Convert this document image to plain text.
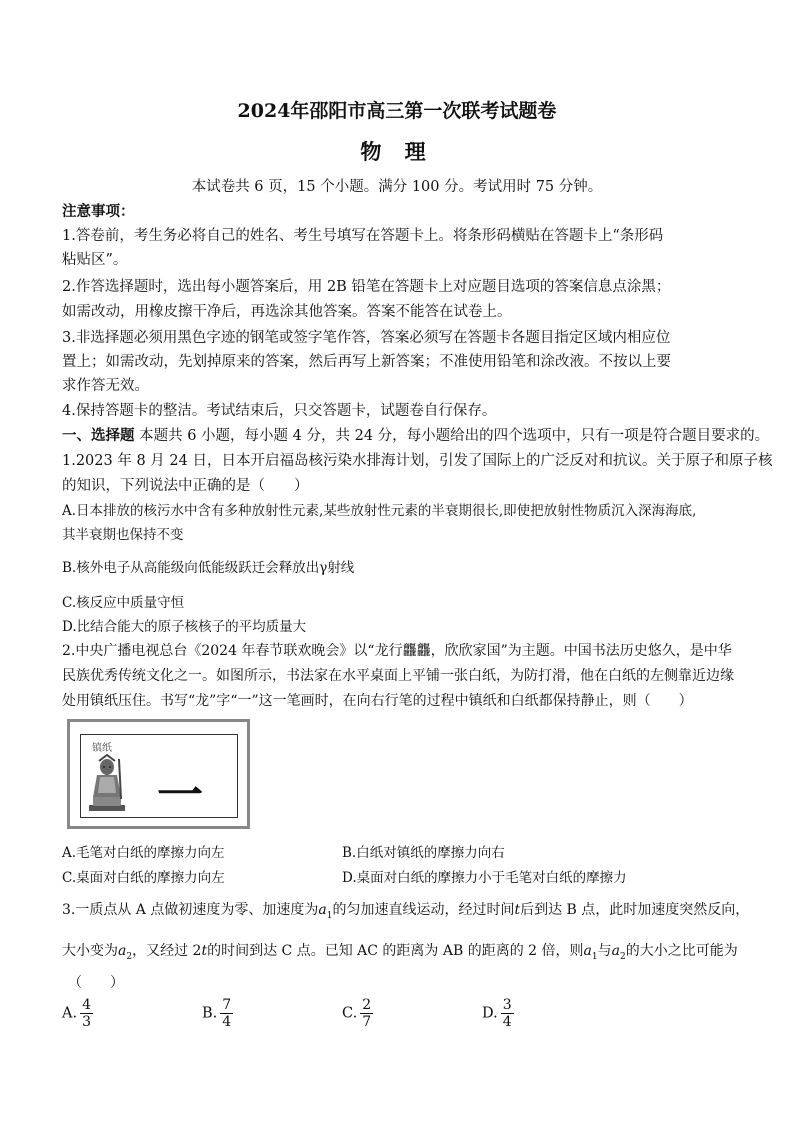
2024年邵阳市高三第一次联考试题卷
物 理
本试卷共 6 页，15 个小题。满分 100 分。考试用时 75 分钟。
注意事项：
1.答卷前，考生务必将自己的姓名、考生号填写在答题卡上。将条形码横贴在答题卡上“条形码
粘贴区”。
2.作答选择题时，选出每小题答案后，用 2B 铅笔在答题卡上对应题目选项的答案信息点涂黑；
如需改动，用橡皮擦干净后，再选涂其他答案。答案不能答在试卷上。
3.非选择题必须用黑色字迹的钢笔或签字笔作答，答案必须写在答题卡各题目指定区域内相应位
置上；如需改动，先划掉原来的答案，然后再写上新答案；不准使用铅笔和涂改液。不按以上要
求作答无效。
4.保持答题卡的整洁。考试结束后，只交答题卡，试题卷自行保存。
一、选择题 本题共 6 小题，每小题 4 分，共 24 分，每小题给出的四个选项中，只有一项是符合题目要求的。
1.2023 年 8 月 24 日，日本开启福岛核污染水排海计划，引发了国际上的广泛反对和抗议。关于原子和原子核
的知识，下列说法中正确的是（　　）
A.日本排放的核污水中含有多种放射性元素,某些放射性元素的半衰期很长,即使把放射性物质沉入深海海底,
其半衰期也保持不变
B.核外电子从高能级向低能级跃迁会释放出γ射线
C.核反应中质量守恒
D.比结合能大的原子核核子的平均质量大
2.中央广播电视总台《2024 年春节联欢晚会》以“龙行龘龘，欣欣家国”为主题。中国书法历史悠久，是中华
民族优秀传统文化之一。如图所示，书法家在水平桌面上平铺一张白纸，为防打滑，他在白纸的左侧靠近边缘
处用镇纸压住。书写“龙”字“一”这一笔画时，在向右行笔的过程中镇纸和白纸都保持静止，则（　　）
镇纸
一
A.毛笔对白纸的摩擦力向左	B.白纸对镇纸的摩擦力向右
C.桌面对白纸的摩擦力向左	D.桌面对白纸的摩擦力小于毛笔对白纸的摩擦力
3.一质点从 A 点做初速度为零、加速度为$a_1$的匀加速直线运动，经过时间t后到达 B 点，此时加速度突然反向，
大小变为$a_2$，又经过 2t的时间到达 C 点。已知 AC 的距离为 AB 的距离的 2 倍，则$a_1$与$a_2$的大小之比可能为
（　　）
A. $\frac{4}{3}$	B. $\frac{7}{4}$	C. $\frac{2}{7}$	D. $\frac{3}{4}$
